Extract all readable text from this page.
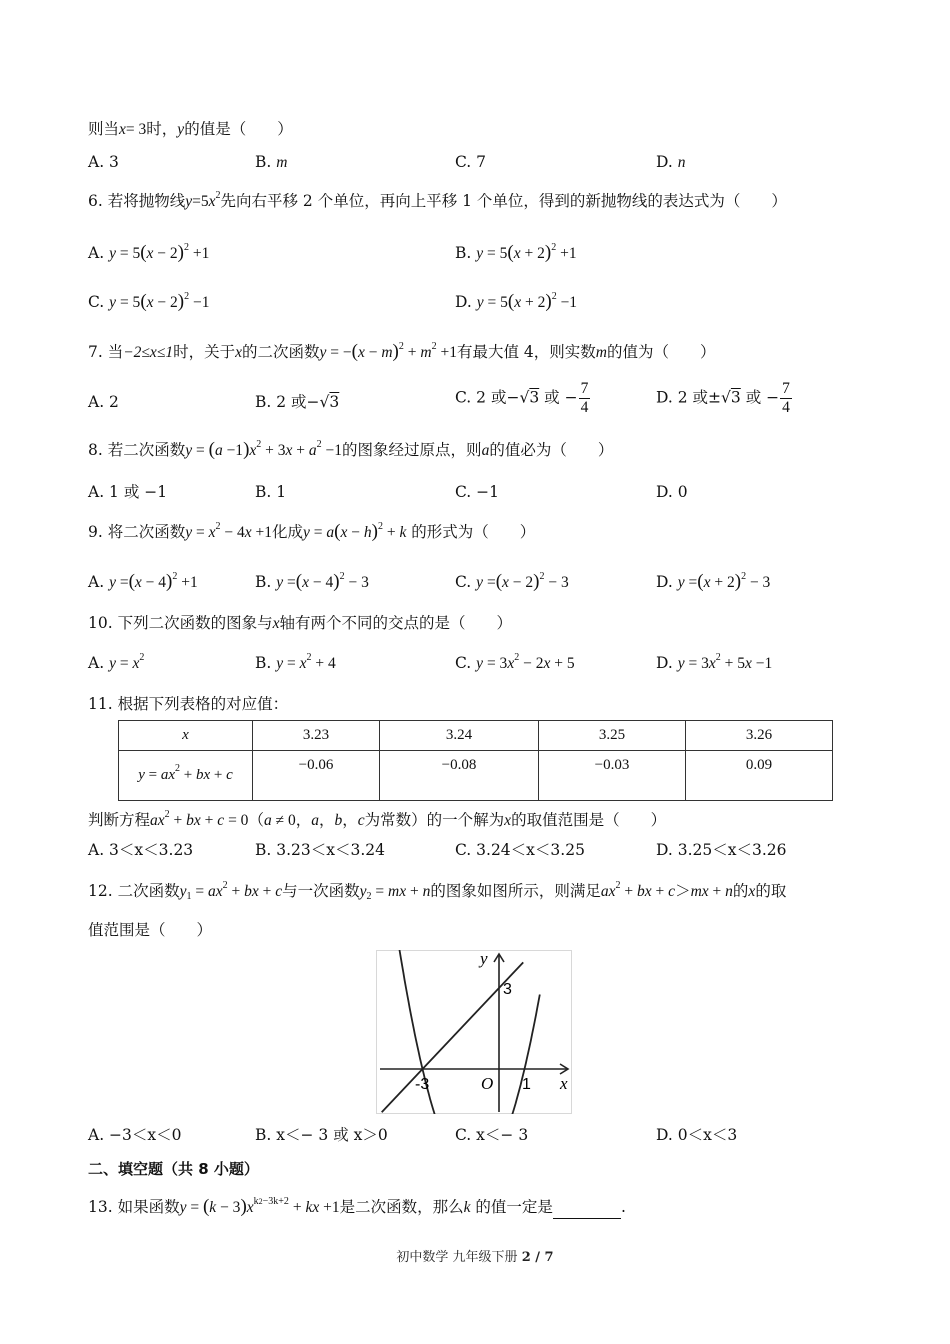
则当x= 3时，y的值是（　　）
A. 3	B. m	C. 7	D. n
6. 若将抛物线$y=5x^2$先向右平移 2 个单位，再向上平移 1 个单位，得到的新抛物线的表达式为（　　）
A. $y = 5(x - 2)^2 +1$	B. $y = 5(x + 2)^2 +1$
C. $y = 5(x - 2)^2 -1$	D. $y = 5(x + 2)^2 -1$
7. 当−2≤x≤1时，关于x的二次函数$y = -(x - m)^2 + m^2 +1$有最大值 4，则实数m的值为（　　）
A. 2	B. 2 或−√3	C. 2 或−√3 或 − $\frac{7}{4}$	D. 2 或±√3 或 − $\frac{7}{4}$
8. 若二次函数$y = (a -1)x^2 + 3x + a^2 -1$的图象经过原点，则a的值必为（　　）
A. 1 或 −1	B. 1	C. −1	D. 0
9. 将二次函数$y = x^2 - 4x +1$化成$y = a(x - h)^2 + k$ 的形式为（　　）
A. $y =(x - 4)^2 +1$	B. $y =(x - 4)^2 - 3$	C. $y =(x - 2)^2 - 3$	D. $y =(x + 2)^2 - 3$
10. 下列二次函数的图象与x轴有两个不同的交点的是（　　）
A. $y = x^2$	B. $y = x^2 + 4$	C. $y = 3x^2 - 2x + 5$	D. $y = 3x^2 + 5x -1$
11. 根据下列表格的对应值：
x	3.23	3.24	3.25	3.26
$y = ax^2$ + bx + c	−0.06	−0.08	−0.03	0.09
判断方程$ax^2$ + bx + c = 0（a ≠ 0，a，b，c为常数）的一个解为x的取值范围是（　　）
A. 3＜x＜3.23	B. 3.23＜x＜3.24	C. 3.24＜x＜3.25	D. 3.25＜x＜3.26
12. 二次函数$y_1 = ax^2$ + bx + c与一次函数$y_2$ = mx + n的图象如图所示，则满足$ax^2$ + bx + c＞mx + n的x的取
值范围是（　　）
y
x
O
-3	1
3
A. −3＜x＜0	B. x＜− 3 或 x＞0	C. x＜− 3	D. 0＜x＜3
二、填空题（共 8 小题）
13. 如果函数$y = (k - 3)x^{k2-3k+2}$ + kx +1是二次函数，那么k 的值一定是	.
初中数学 九年级下册 2 / 7
